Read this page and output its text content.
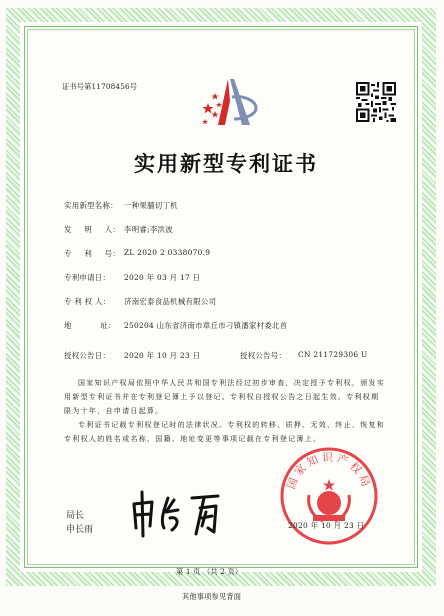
证书号第11708456号
实用新型专利证书
实用新型名称： 一种果脯切丁机
发 明 人： 李明睿;李洪波
专 利 号： ZL 2020 2 0338070.9
专利申请日： 2020 年 03 月 17 日
专 利 权 人： 济南宏泰食品机械有限公司
地 址： 250204 山东省济南市章丘市刁镇潘家村委北首
授权公告日： 2020 年 10 月 23 日	授权公告号： CN 211729306 U
国家知识产权局依照中华人民共和国专利法经过初步审查，决定授予专利权，颁发实用新型专利证书并在专利登记簿上予以登记。专利权自授权公告之日起生效。专利权期限为十年，自申请日起算。
专利证书记载专利权登记时的法律状况。专利权的转移、质押、无效、终止、恢复和专利权人的姓名或名称、国籍、地址变更等事项记载在专利登记簿上。
局长
申长雨
国家知识产权局
2020 年 10 月 23 日
第 1 页 （共 2 页）
其他事项参见背面
